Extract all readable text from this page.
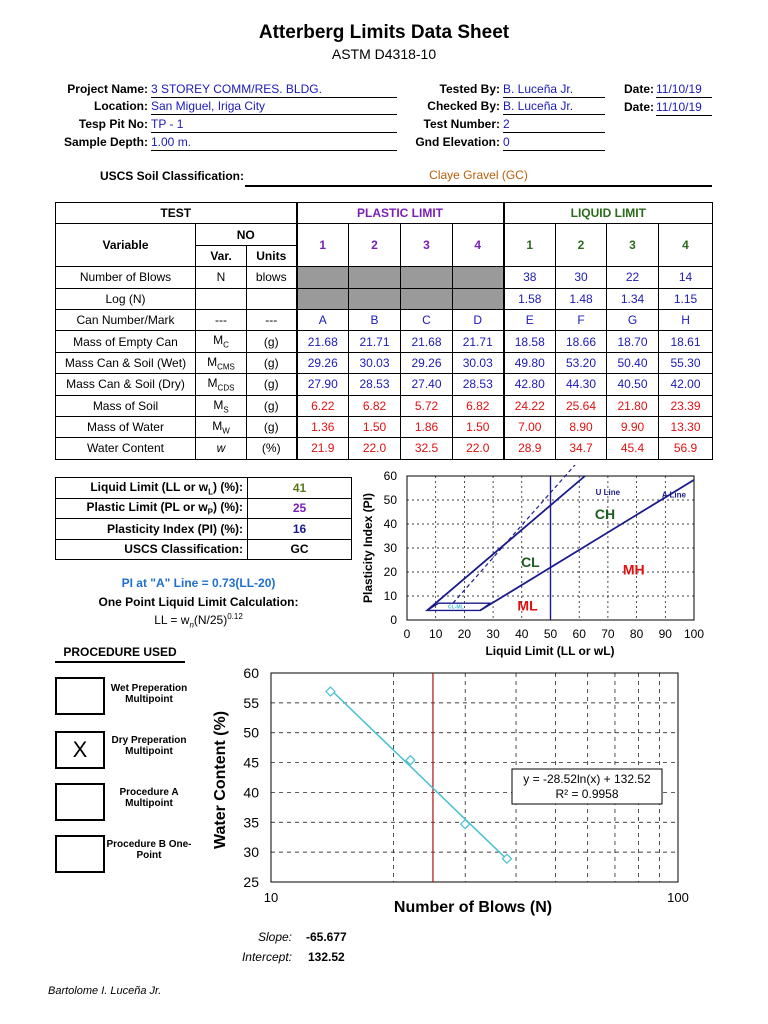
Atterberg Limits Data Sheet
ASTM D4318-10
Project Name: 3 STOREY COMM/RES. BLDG.
Location: San Miguel, Iriga City
Tesp Pit No: TP - 1
Sample Depth: 1.00 m.
Tested By: B. Luceña Jr.
Checked By: B. Luceña Jr.
Test Number: 2
Gnd Elevation: 0
Date: 11/10/19
Date: 11/10/19
USCS Soil Classification:	Claye Gravel (GC)
TEST			PLASTIC LIMIT				LIQUID LIMIT			
Variable	NO		1	2	3	4	1	2	3	4
	Var.	Units								
Number of Blows	N	blows					38	30	22	14
Log (N)							1.58	1.48	1.34	1.15
Can Number/Mark	---	---	A	B	C	D	E	F	G	H
Mass of Empty Can	$M_C$	(g)	21.68	21.71	21.68	21.71	18.58	18.66	18.70	18.61
Mass Can & Soil (Wet)	$M_{CMS}$	(g)	29.26	30.03	29.26	30.03	49.80	53.20	50.40	55.30
Mass Can & Soil (Dry)	$M_{CDS}$	(g)	27.90	28.53	27.40	28.53	42.80	44.30	40.50	42.00
Mass of Soil	$M_S$	(g)	6.22	6.82	5.72	6.82	24.22	25.64	21.80	23.39
Mass of Water	$M_W$	(g)	1.36	1.50	1.86	1.50	7.00	8.90	9.90	13.30
Water Content	w	(%)	21.9	22.0	32.5	22.0	28.9	34.7	45.4	56.9
Liquid Limit (LL or $w_L$) (%):	41
Plastic Limit (PL or $w_P$) (%):	25
Plasticity Index (PI) (%):	16
USCS Classification:	GC
PI at "A" Line = 0.73(LL-20)
One Point Liquid Limit Calculation:
LL = $w_n(N/25)^{0.12}$
PROCEDURE USED
Wet Preperation
Multipoint
X	Dry Preperation
Multipoint
Procedure A
Multipoint
Procedure B One-
Point
0 10 20 30 40 50 60 70 80 90 100
0
10
20
30
40
50
60
CH
CL	MH
ML
CL-ML
U Line	A Line
Plasticity Index (PI)
Liquid Limit (LL or wL)
25
30
35
40
45
50
55
60
10	100
y = -28.52ln(x) + 132.52
R² = 0.9958
Water Content (%)
Number of Blows (N)
Slope: -65.677
Intercept: 132.52
Bartolome I. Luceña Jr.
